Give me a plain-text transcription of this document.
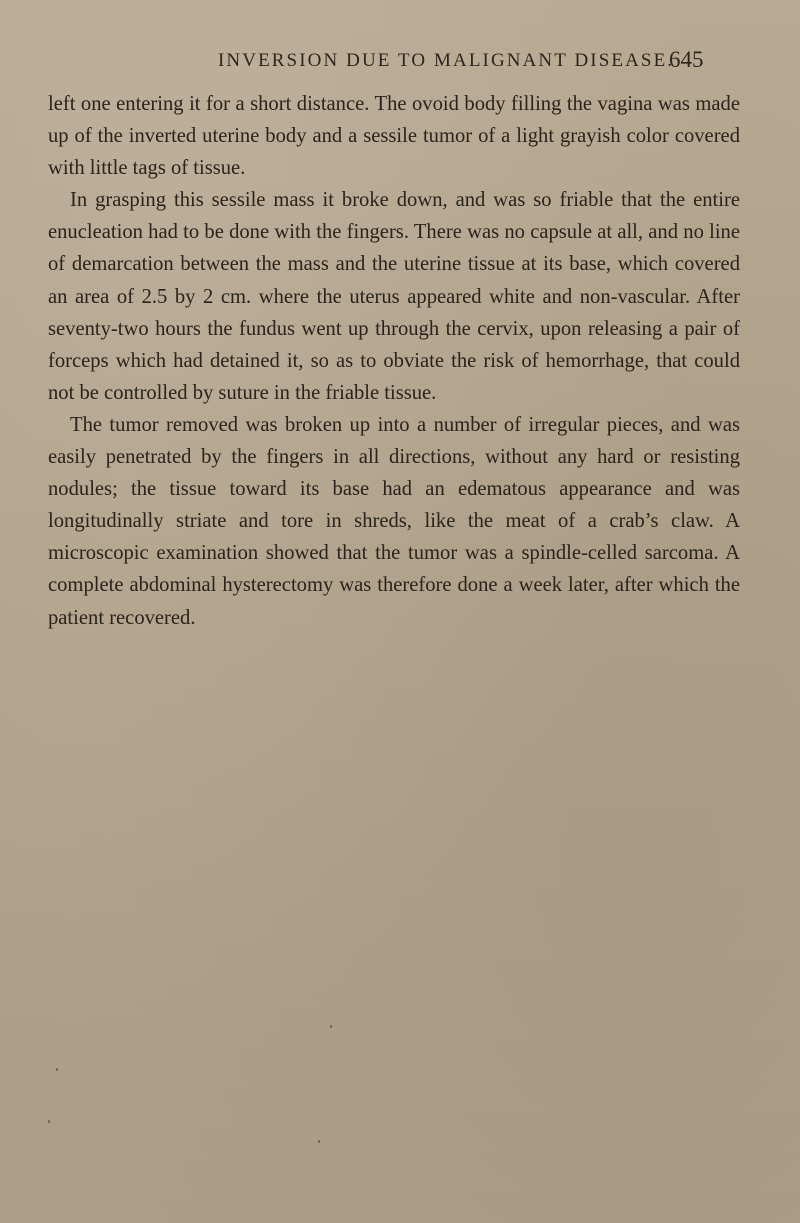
INVERSION DUE TO MALIGNANT DISEASE.
645

left one entering it for a short distance. The ovoid body filling the vagina was made up of the inverted uterine body and a sessile tumor of a light grayish color covered with little tags of tissue.

In grasping this sessile mass it broke down, and was so friable that the entire enucleation had to be done with the fingers. There was no capsule at all, and no line of demarcation between the mass and the uterine tissue at its base, which covered an area of 2.5 by 2 cm. where the uterus appeared white and non-vascular. After seventy-two hours the fundus went up through the cervix, upon releasing a pair of forceps which had detained it, so as to obviate the risk of hemorrhage, that could not be controlled by suture in the friable tissue.

The tumor removed was broken up into a number of irregular pieces, and was easily penetrated by the fingers in all directions, without any hard or resisting nodules; the tissue toward its base had an edematous appearance and was longitudinally striate and tore in shreds, like the meat of a crab’s claw. A microscopic examination showed that the tumor was a spindle-celled sarcoma. A complete abdominal hysterectomy was therefore done a week later, after which the patient recovered.
